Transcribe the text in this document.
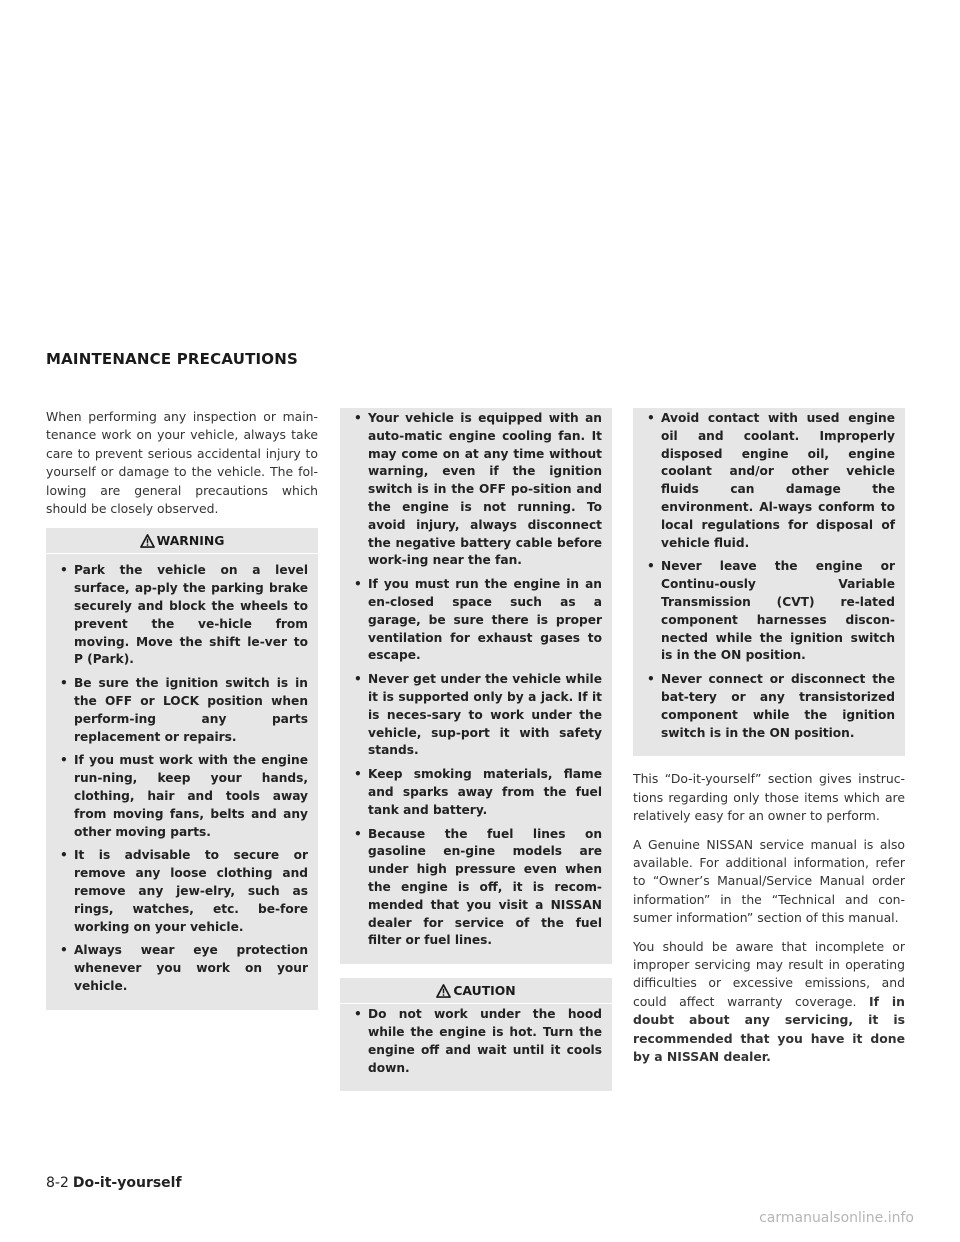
MAINTENANCE PRECAUTIONS

When performing any inspection or main-tenance work on your vehicle, always take care to prevent serious accidental injury to yourself or damage to the vehicle. The fol-lowing are general precautions which should be closely observed.

WARNING
• Park the vehicle on a level surface, ap-ply the parking brake securely and block the wheels to prevent the ve-hicle from moving. Move the shift le-ver to P (Park).
• Be sure the ignition switch is in the OFF or LOCK position when perform-ing any parts replacement or repairs.
• If you must work with the engine run-ning, keep your hands, clothing, hair and tools away from moving fans, belts and any other moving parts.
• It is advisable to secure or remove any loose clothing and remove any jew-elry, such as rings, watches, etc. be-fore working on your vehicle.
• Always wear eye protection whenever you work on your vehicle.
• Your vehicle is equipped with an auto-matic engine cooling fan. It may come on at any time without warning, even if the ignition switch is in the OFF po-sition and the engine is not running. To avoid injury, always disconnect the negative battery cable before work-ing near the fan.
• If you must run the engine in an en-closed space such as a garage, be sure there is proper ventilation for exhaust gases to escape.
• Never get under the vehicle while it is supported only by a jack. If it is neces-sary to work under the vehicle, sup-port it with safety stands.
• Keep smoking materials, flame and sparks away from the fuel tank and battery.
• Because the fuel lines on gasoline en-gine models are under high pressure even when the engine is off, it is recom-mended that you visit a NISSAN dealer for service of the fuel filter or fuel lines.
CAUTION
• Do not work under the hood while the engine is hot. Turn the engine off and wait until it cools down.
• Avoid contact with used engine oil and coolant. Improperly disposed engine oil, engine coolant and/or other vehicle fluids can damage the environment. Al-ways conform to local regulations for disposal of vehicle fluid.
• Never leave the engine or Continu-ously Variable Transmission (CVT) re-lated component harnesses discon-nected while the ignition switch is in the ON position.
• Never connect or disconnect the bat-tery or any transistorized component while the ignition switch is in the ON position.

This “Do-it-yourself” section gives instruc-tions regarding only those items which are relatively easy for an owner to perform.

A Genuine NISSAN service manual is also available. For additional information, refer to “Owner’s Manual/Service Manual order information” in the “Technical and con-sumer information” section of this manual.

You should be aware that incomplete or improper servicing may result in operating difficulties or excessive emissions, and could affect warranty coverage. If in doubt about any servicing, it is recommended that you have it done by a NISSAN dealer.

8-2 Do-it-yourself
carmanualsonline.info
